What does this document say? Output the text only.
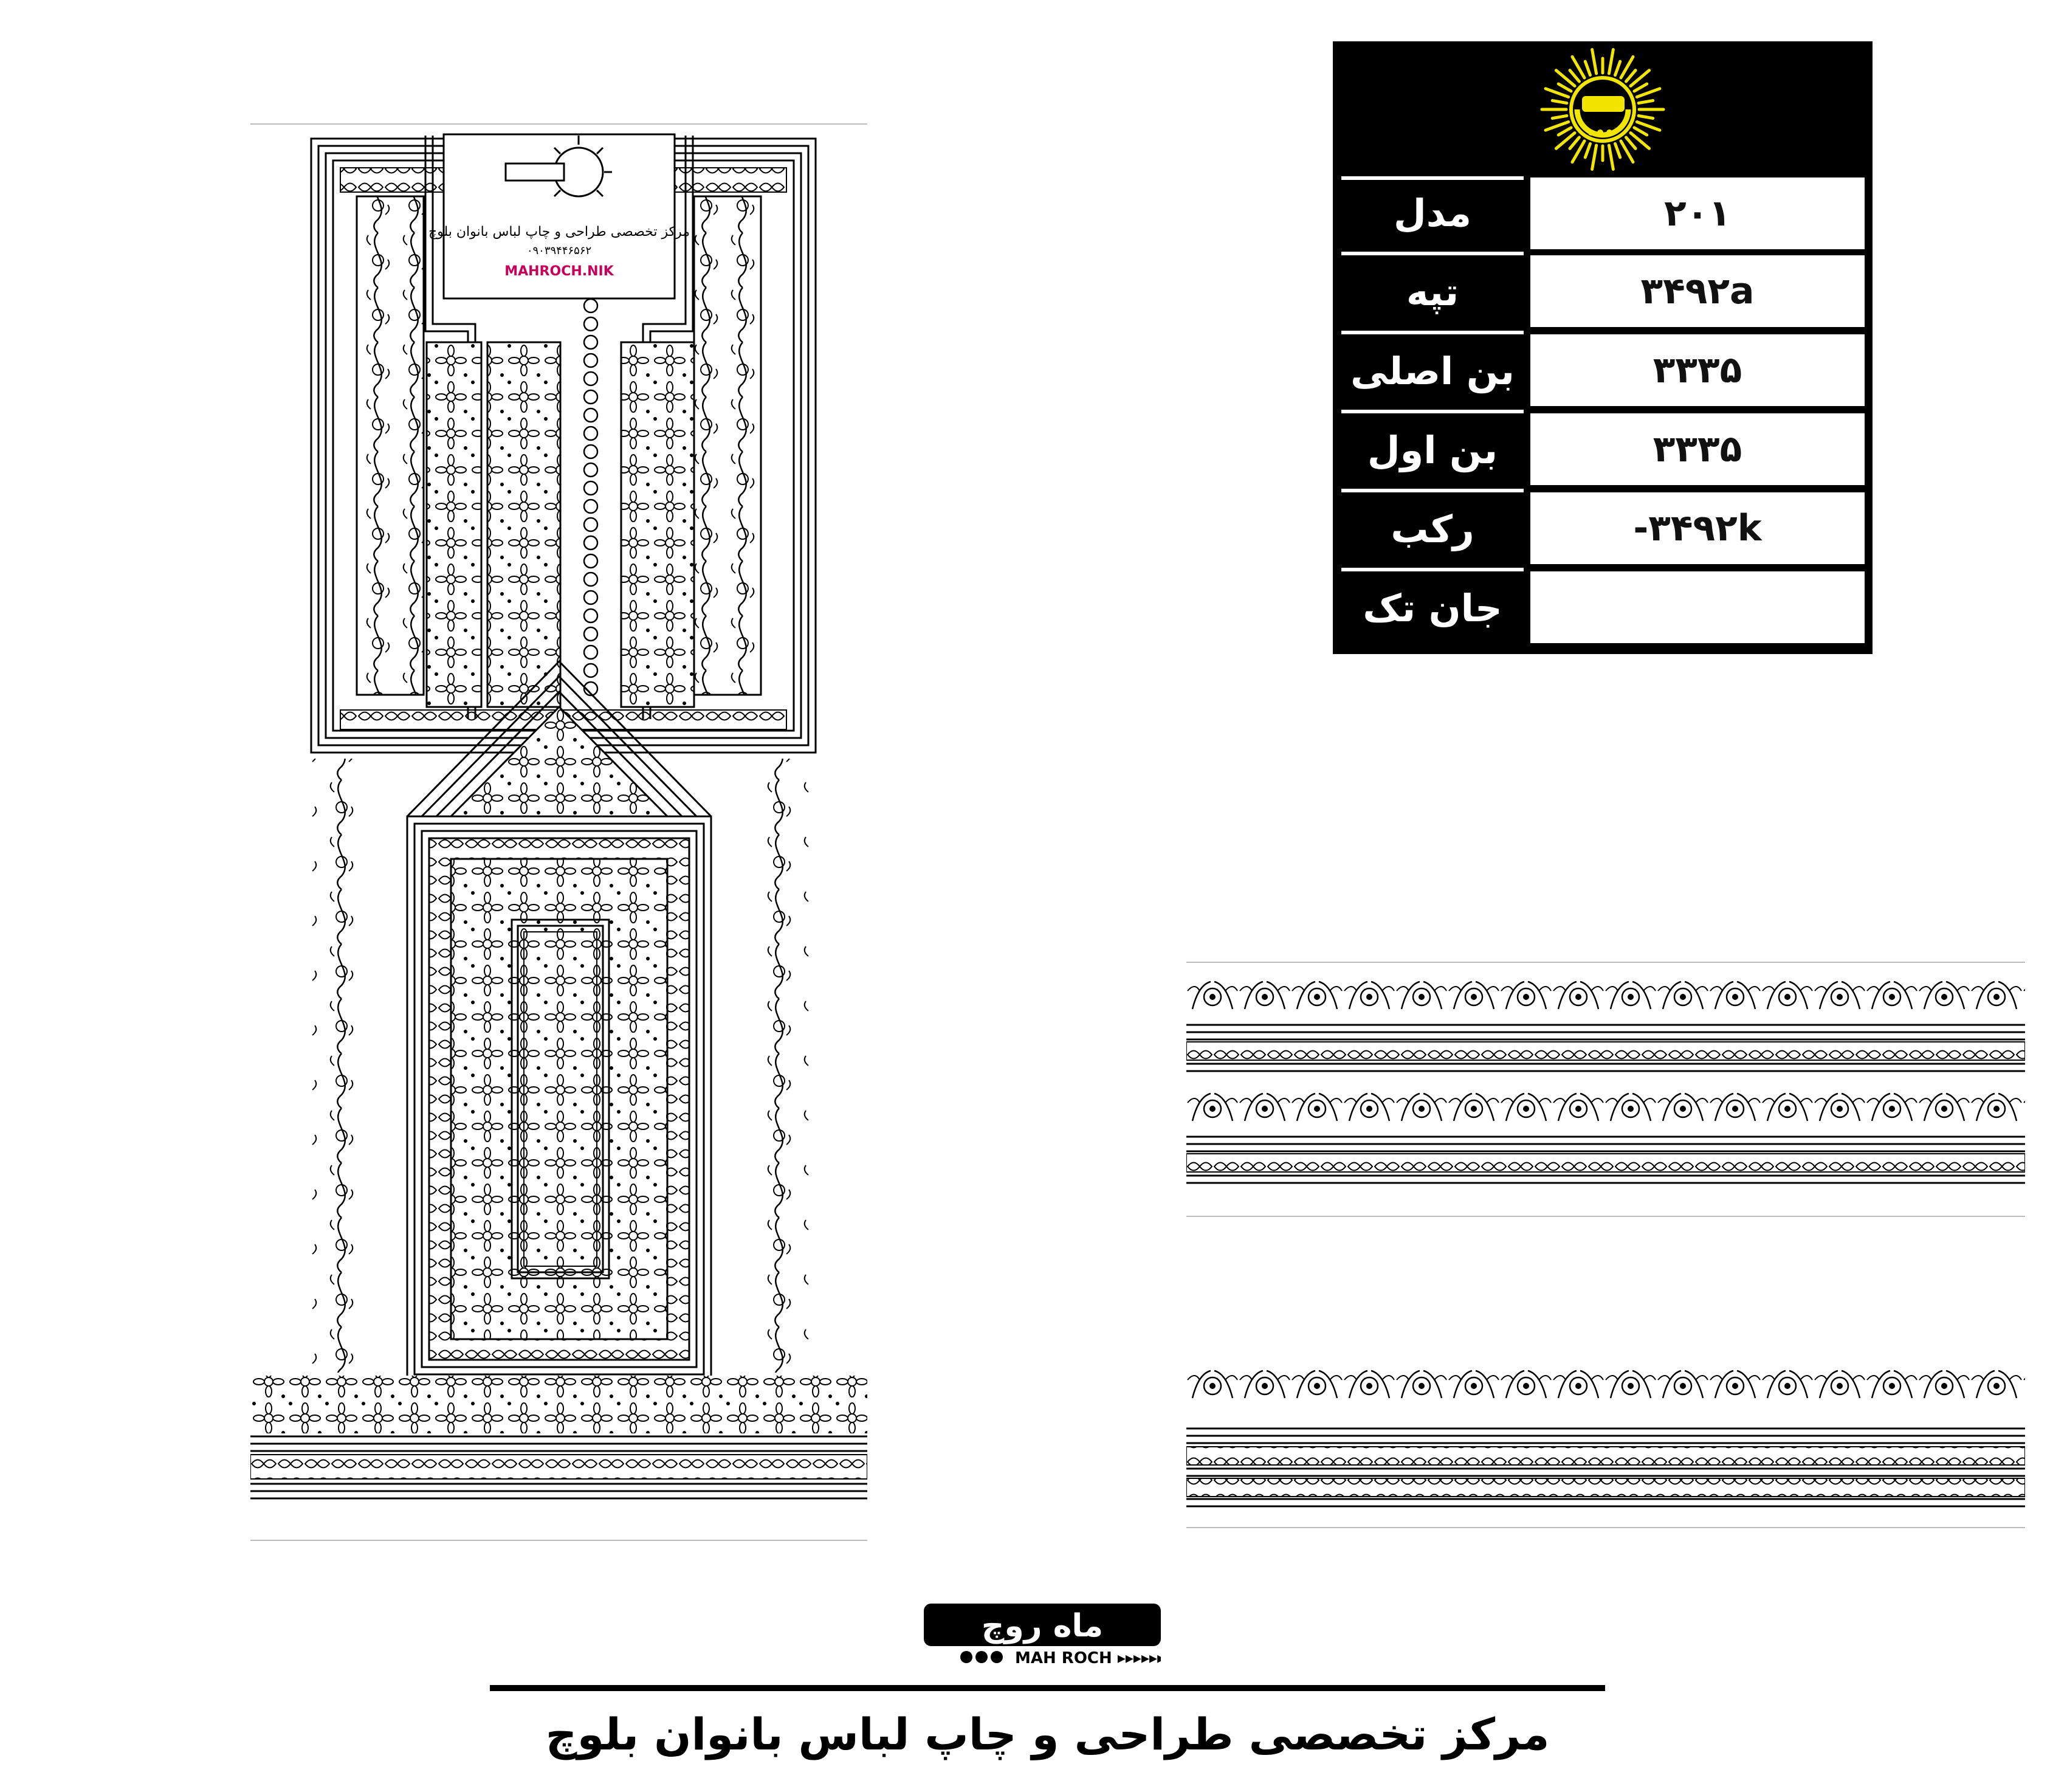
مدل	۲۰۱
تپه	۳۴۹۲a
بن اصلی	۳۳۳۵
بن اول	۳۳۳۵
رکب	-۳۴۹۲k
جان تک
مرکز تخصصی طراحی و چاپ لباس بانوان بلوچ
۰۹۰۳۹۴۴۶۵۶۲
MAHROCH.NIK
ماه روچ
MAH ROCH ▸▸▸▸▸▸▸
مرکز تخصصی طراحی و چاپ لباس بانوان بلوچ
